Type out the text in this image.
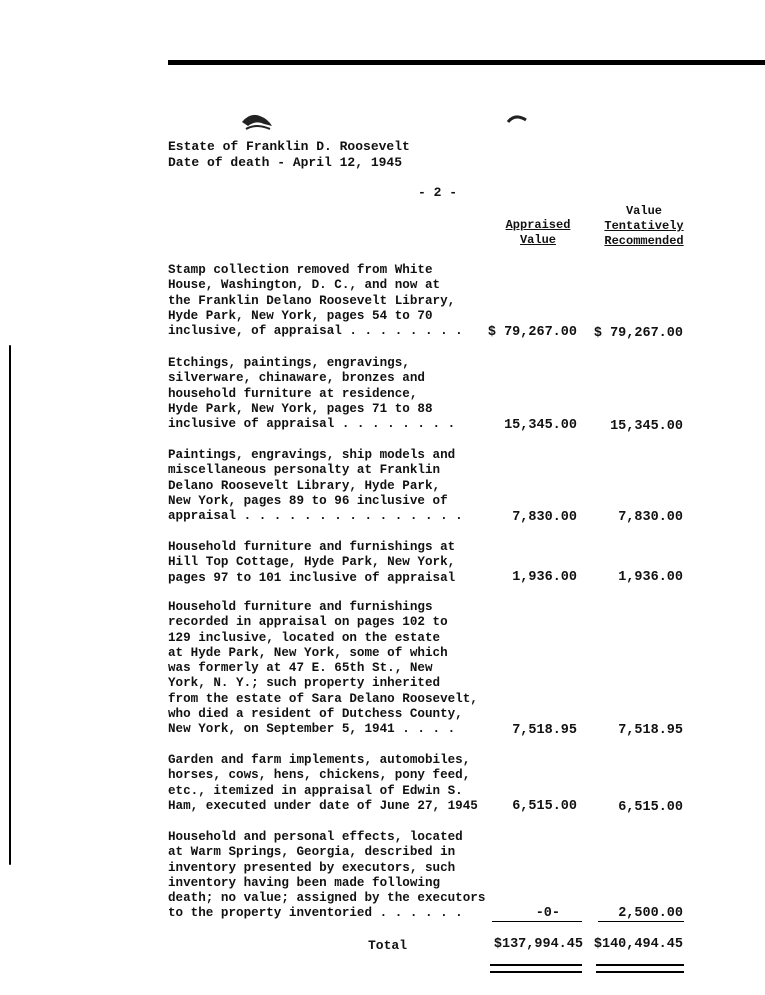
Estate of Franklin D. Roosevelt
Date of death - April 12, 1945
- 2 -
Appraised
Value
Value
Tentatively
Recommended
Stamp collection removed from White
House, Washington, D. C., and now at
the Franklin Delano Roosevelt Library,
Hyde Park, New York, pages 54 to 70
inclusive, of appraisal . . . . . . . .	$ 79,267.00 $ 79,267.00
Etchings, paintings, engravings,
silverware, chinaware, bronzes and
household furniture at residence,
Hyde Park, New York, pages 71 to 88
inclusive of appraisal . . . . . . . .	15,345.00 15,345.00
Paintings, engravings, ship models and
miscellaneous personalty at Franklin
Delano Roosevelt Library, Hyde Park,
New York, pages 89 to 96 inclusive of
appraisal . . . . . . . . . . . . . . .	7,830.00	7,830.00
Household furniture and furnishings at
Hill Top Cottage, Hyde Park, New York,
pages 97 to 101 inclusive of appraisal	1,936.00	1,936.00
Household furniture and furnishings
recorded in appraisal on pages 102 to
129 inclusive, located on the estate
at Hyde Park, New York, some of which
was formerly at 47 E. 65th St., New
York, N. Y.; such property inherited
from the estate of Sara Delano Roosevelt,
who died a resident of Dutchess County,
New York, on September 5, 1941 . . . .	7,518.95	7,518.95
Garden and farm implements, automobiles,
horses, cows, hens, chickens, pony feed,
etc., itemized in appraisal of Edwin S.
Ham, executed under date of June 27, 1945	6,515.00	6,515.00
Household and personal effects, located
at Warm Springs, Georgia, described in
inventory presented by executors, such
inventory having been made following
death; no value; assigned by the executors
to the property inventoried . . . . . .	-0-	2,500.00
Total	$137,994.45 $140,494.45
